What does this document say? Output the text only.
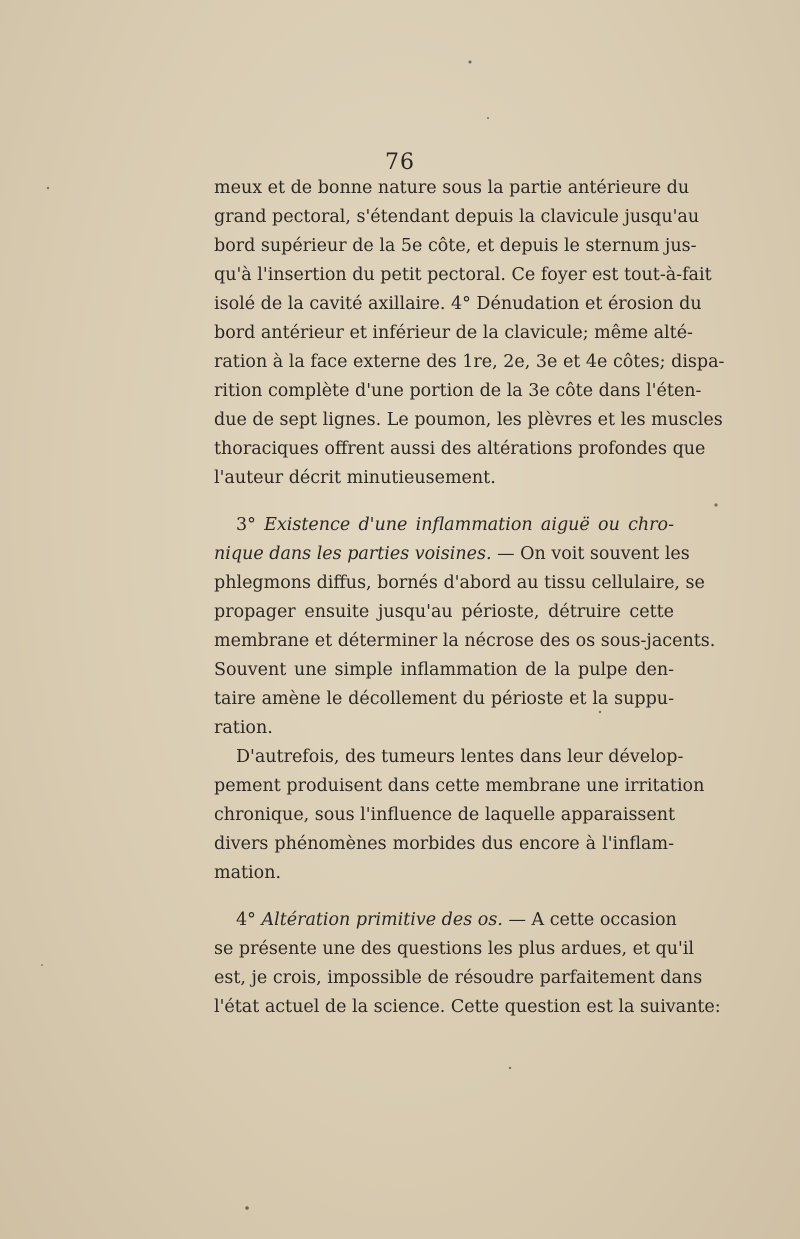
76
meux et de bonne nature sous la partie antérieure du
grand pectoral, s'étendant depuis la clavicule jusqu'au
bord supérieur de la 5e côte, et depuis le sternum jus-
qu'à l'insertion du petit pectoral. Ce foyer est tout-à-fait
isolé de la cavité axillaire. 4° Dénudation et érosion du
bord antérieur et inférieur de la clavicule; même alté-
ration à la face externe des 1re, 2e, 3e et 4e côtes; dispa-
rition complète d'une portion de la 3e côte dans l'éten-
due de sept lignes. Le poumon, les plèvres et les muscles
thoraciques offrent aussi des altérations profondes que
l'auteur décrit minutieusement.
3° Existence d'une inflammation aiguë ou chro-
nique dans les parties voisines. — On voit souvent les
phlegmons diffus, bornés d'abord au tissu cellulaire, se
propager ensuite jusqu'au périoste, détruire cette
membrane et déterminer la nécrose des os sous-jacents.
Souvent une simple inflammation de la pulpe den-
taire amène le décollement du périoste et la suppu-
ration.
D'autrefois, des tumeurs lentes dans leur dévelop-
pement produisent dans cette membrane une irritation
chronique, sous l'influence de laquelle apparaissent
divers phénomènes morbides dus encore à l'inflam-
mation.
4° Altération primitive des os. — A cette occasion
se présente une des questions les plus ardues, et qu'il
est, je crois, impossible de résoudre parfaitement dans
l'état actuel de la science. Cette question est la suivante:
